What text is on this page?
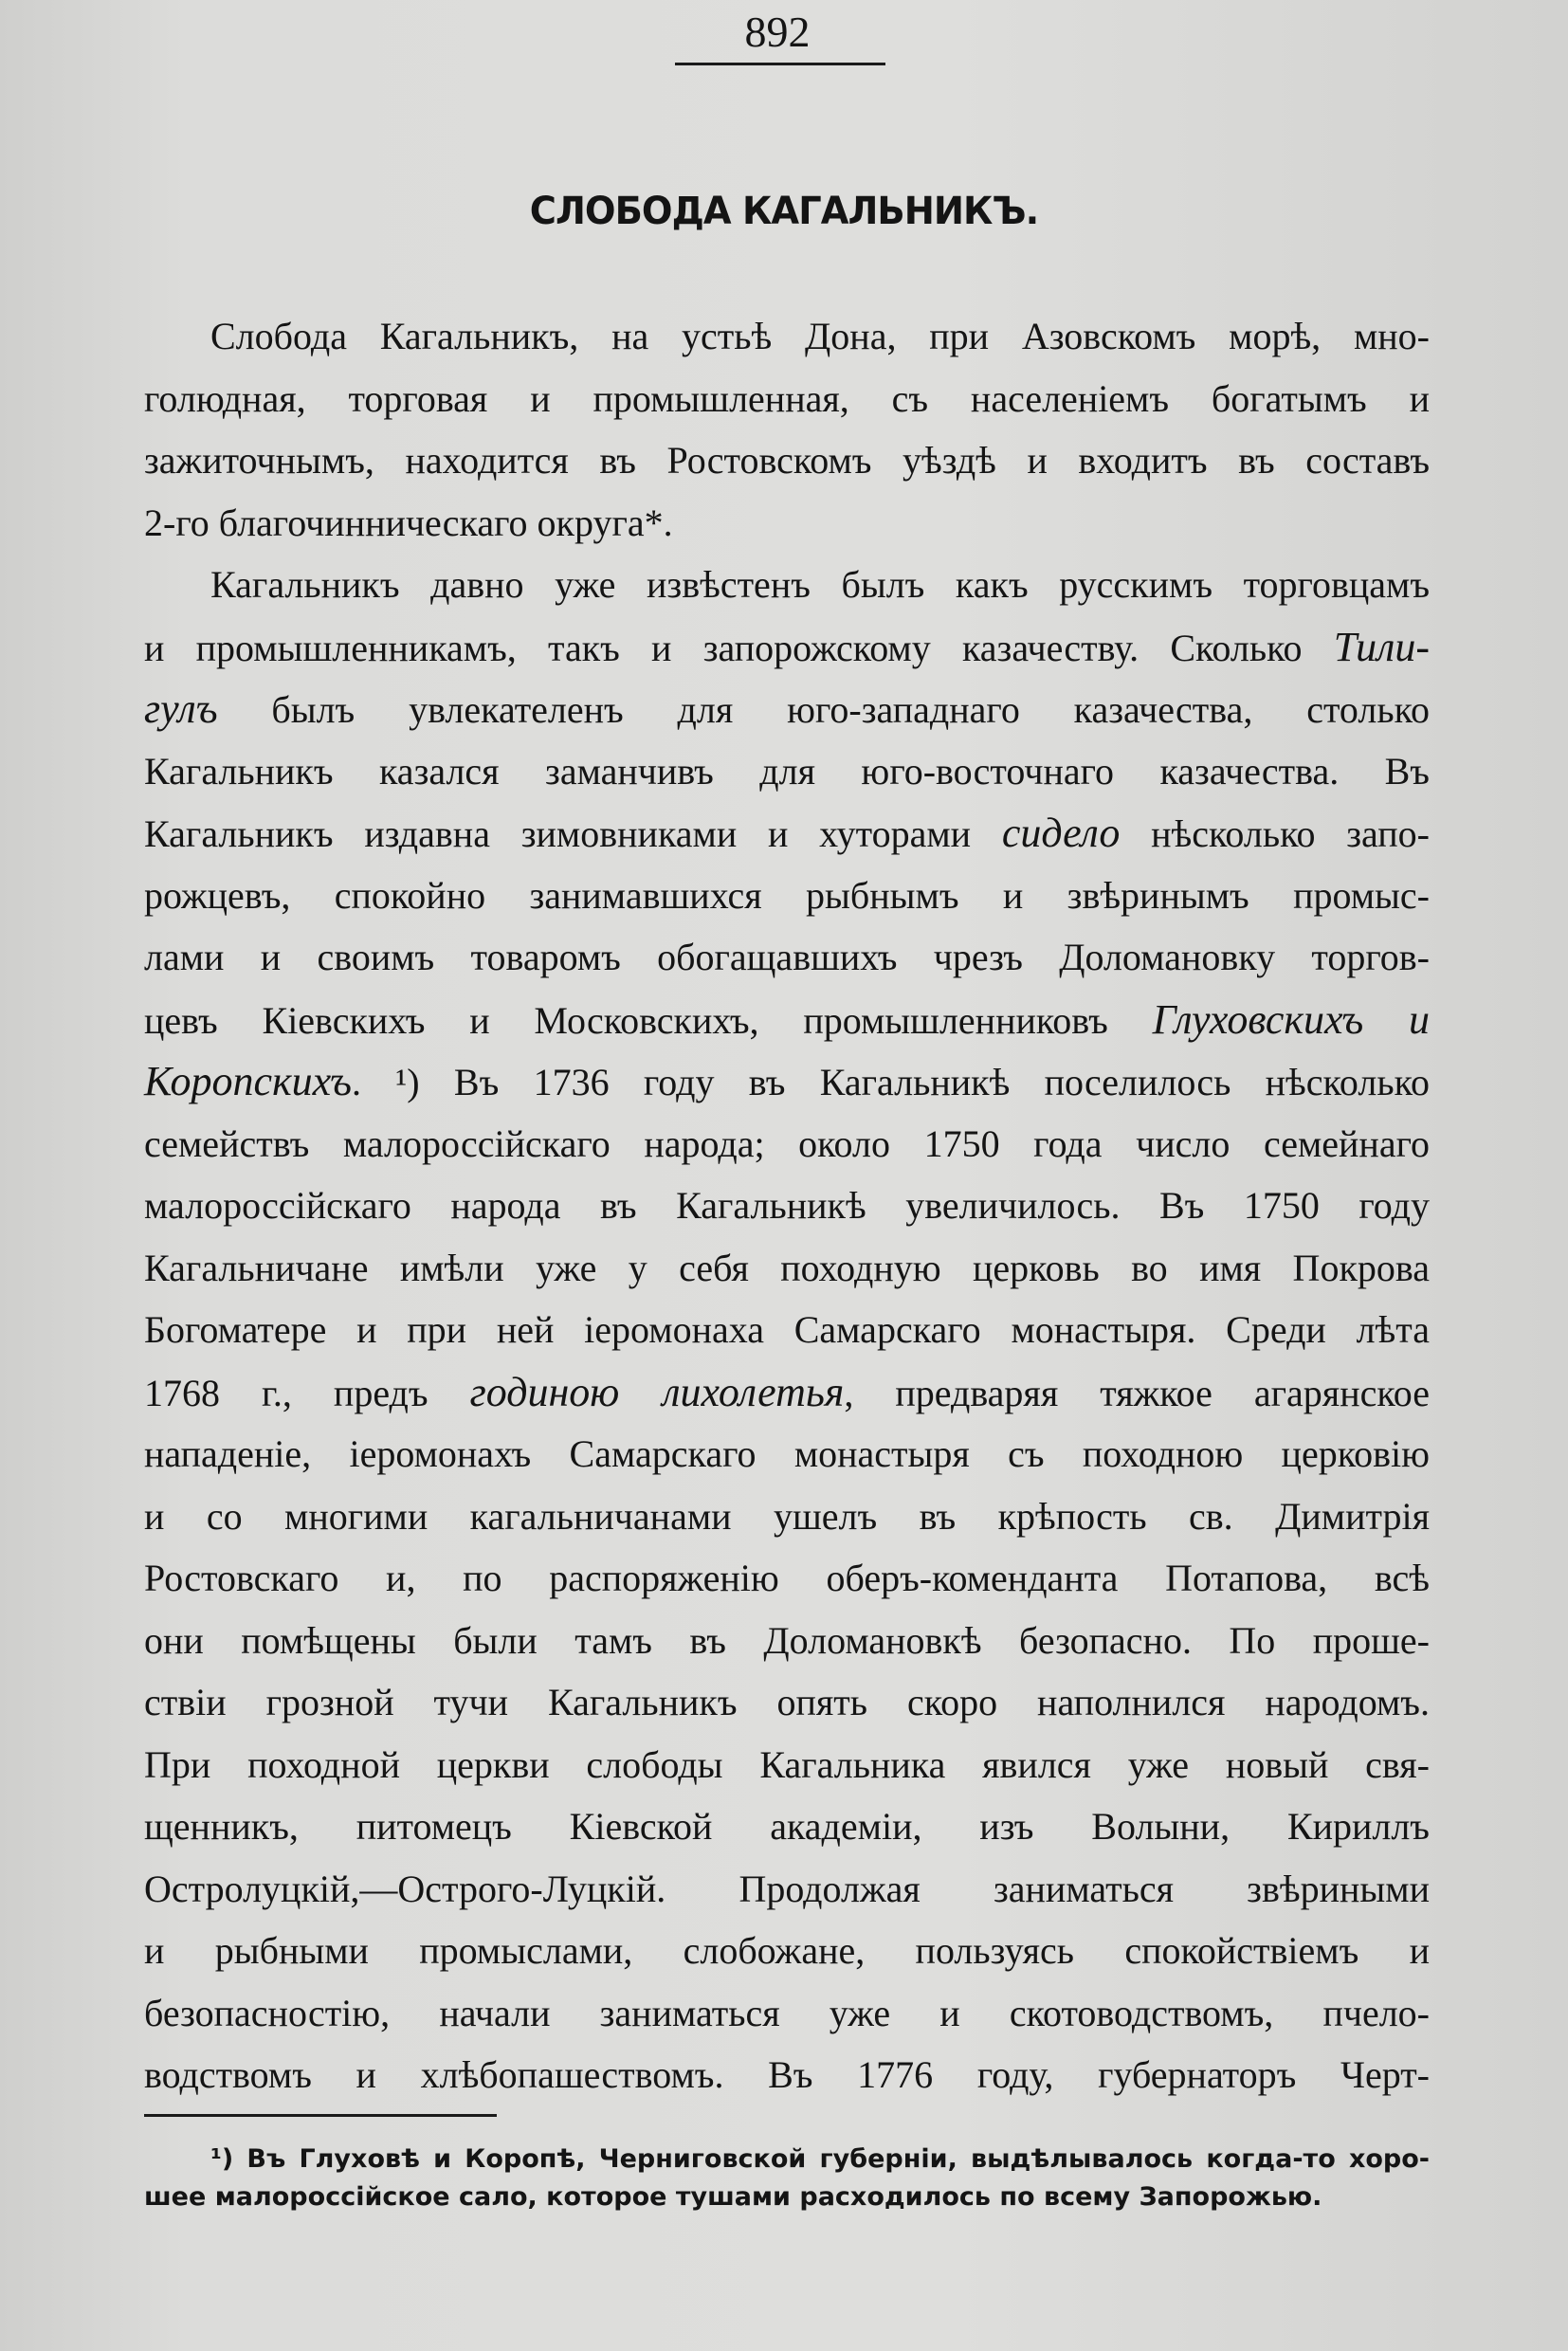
892
СЛОБОДА КАГАЛЬНИКЪ.
Слобода Кагальникъ, на устьѣ Дона, при Азовскомъ морѣ, мно-
голюдная, торговая и промышленная, съ населеніемъ богатымъ и
зажиточнымъ, находится въ Ростовскомъ уѣздѣ и входитъ въ составъ
2-го благочинническаго округа*.
Кагальникъ давно уже извѣстенъ былъ какъ русскимъ торговцамъ
и промышленникамъ, такъ и запорожскому казачеству. Сколько Тили-
гулъ былъ увлекателенъ для юго-западнаго казачества, столько
Кагальникъ казался заманчивъ для юго-восточнаго казачества. Въ
Кагальникъ издавна зимовниками и хуторами сидело нѣсколько запо-
рожцевъ, спокойно занимавшихся рыбнымъ и звѣринымъ промыс-
лами и своимъ товаромъ обогащавшихъ чрезъ Доломановку торгов-
цевъ Кіевскихъ и Московскихъ, промышленниковъ Глуховскихъ и
Коропскихъ. ¹) Въ 1736 году въ Кагальникѣ поселилось нѣсколько
семействъ малороссійскаго народа; около 1750 года число семейнаго
малороссійскаго народа въ Кагальникѣ увеличилось. Въ 1750 году
Кагальничане имѣли уже у себя походную церковь во имя Покрова
Богоматере и при ней іеромонаха Самарскаго монастыря. Среди лѣта
1768 г., предъ годиною лихолетья, предваряя тяжкое агарянское
нападеніе, іеромонахъ Самарскаго монастыря съ походною церковію
и со многими кагальничанами ушелъ въ крѣпость св. Димитрія
Ростовскаго и, по распоряженію оберъ-коменданта Потапова, всѣ
они помѣщены были тамъ въ Доломановкѣ безопасно. По проше-
ствіи грозной тучи Кагальникъ опять скоро наполнился народомъ.
При походной церкви слободы Кагальника явился уже новый свя-
щенникъ, питомецъ Кіевской академіи, изъ Волыни, Кириллъ
Остролуцкій,—Острого-Луцкій. Продолжая заниматься звѣриными
и рыбными промыслами, слобожане, пользуясь спокойствіемъ и
безопасностію, начали заниматься уже и скотоводствомъ, пчело-
водствомъ и хлѣбопашествомъ. Въ 1776 году, губернаторъ Черт-
¹) Въ Глуховѣ и Коропѣ, Черниговской губерніи, выдѣлывалось когда-то хоро-
шее малороссійское сало, которое тушами расходилось по всему Запорожью.
